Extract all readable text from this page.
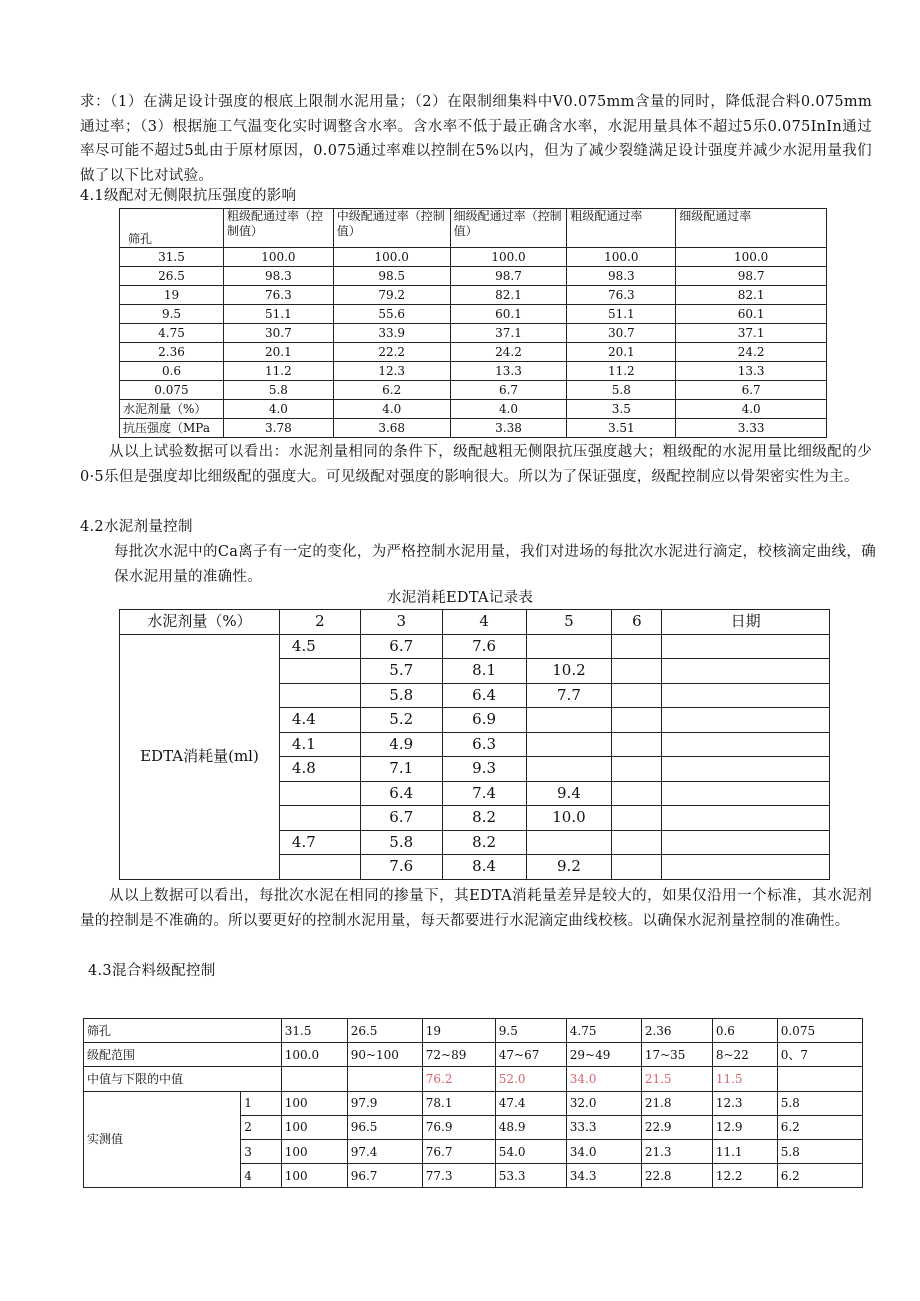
求：（1）在满足设计强度的根底上限制水泥用量；（2）在限制细集料中V0.075mm含量的同时，降低混合料0.075mm通过率；（3）根据施工气温变化实时调整含水率。含水率不低于最正确含水率，水泥用量具体不超过5乐0.075InIn通过率尽可能不超过5虬由于原材原因，0.075通过率难以控制在5%以内，但为了减少裂缝满足设计强度并减少水泥用量我们做了以下比对试验。

4.1级配对无侧限抗压强度的影响

筛孔	粗级配通过率（控制值）	中级配通过率（控制值）	细级配通过率（控制值）	粗级配通过率	细级配通过率
31.5	100.0	100.0	100.0	100.0	100.0
26.5	98.3	98.5	98.7	98.3	98.7
19	76.3	79.2	82.1	76.3	82.1
9.5	51.1	55.6	60.1	51.1	60.1
4.75	30.7	33.9	37.1	30.7	37.1
2.36	20.1	22.2	24.2	20.1	24.2
0.6	11.2	12.3	13.3	11.2	13.3
0.075	5.8	6.2	6.7	5.8	6.7
水泥剂量（%）	4.0	4.0	4.0	3.5	4.0
抗压强度（MPa	3.78	3.68	3.38	3.51	3.33

从以上试验数据可以看出：水泥剂量相同的条件下，级配越粗无侧限抗压强度越大；粗级配的水泥用量比细级配的少0·5乐但是强度却比细级配的强度大。可见级配对强度的影响很大。所以为了保证强度，级配控制应以骨架密实性为主。

4.2水泥剂量控制

每批次水泥中的Ca离子有一定的变化，为严格控制水泥用量，我们对进场的每批次水泥进行滴定，校核滴定曲线，确保水泥用量的准确性。

水泥消耗EDTA记录表

水泥剂量（%）	2	3	4	5	6	日期
EDTA消耗量(ml)	4.5	6.7	7.6			
		5.7	8.1	10.2		
		5.8	6.4	7.7		
	4.4	5.2	6.9			
	4.1	4.9	6.3			
	4.8	7.1	9.3			
		6.4	7.4	9.4		
		6.7	8.2	10.0		
	4.7	5.8	8.2			
		7.6	8.4	9.2		

从以上数据可以看出，每批次水泥在相同的掺量下，其EDTA消耗量差异是较大的，如果仅沿用一个标准，其水泥剂量的控制是不准确的。所以要更好的控制水泥用量，每天都要进行水泥滴定曲线校核。以确保水泥剂量控制的准确性。

4.3混合料级配控制

筛孔		31.5	26.5	19	9.5	4.75	2.36	0.6	0.075
级配范围		100.0	90~100	72~89	47~67	29~49	17~35	8~22	0、7
中值与下限的中值				76.2	52.0	34.0	21.5	11.5	
实测值	1	100	97.9	78.1	47.4	32.0	21.8	12.3	5.8
	2	100	96.5	76.9	48.9	33.3	22.9	12.9	6.2
	3	100	97.4	76.7	54.0	34.0	21.3	11.1	5.8
	4	100	96.7	77.3	53.3	34.3	22.8	12.2	6.2
